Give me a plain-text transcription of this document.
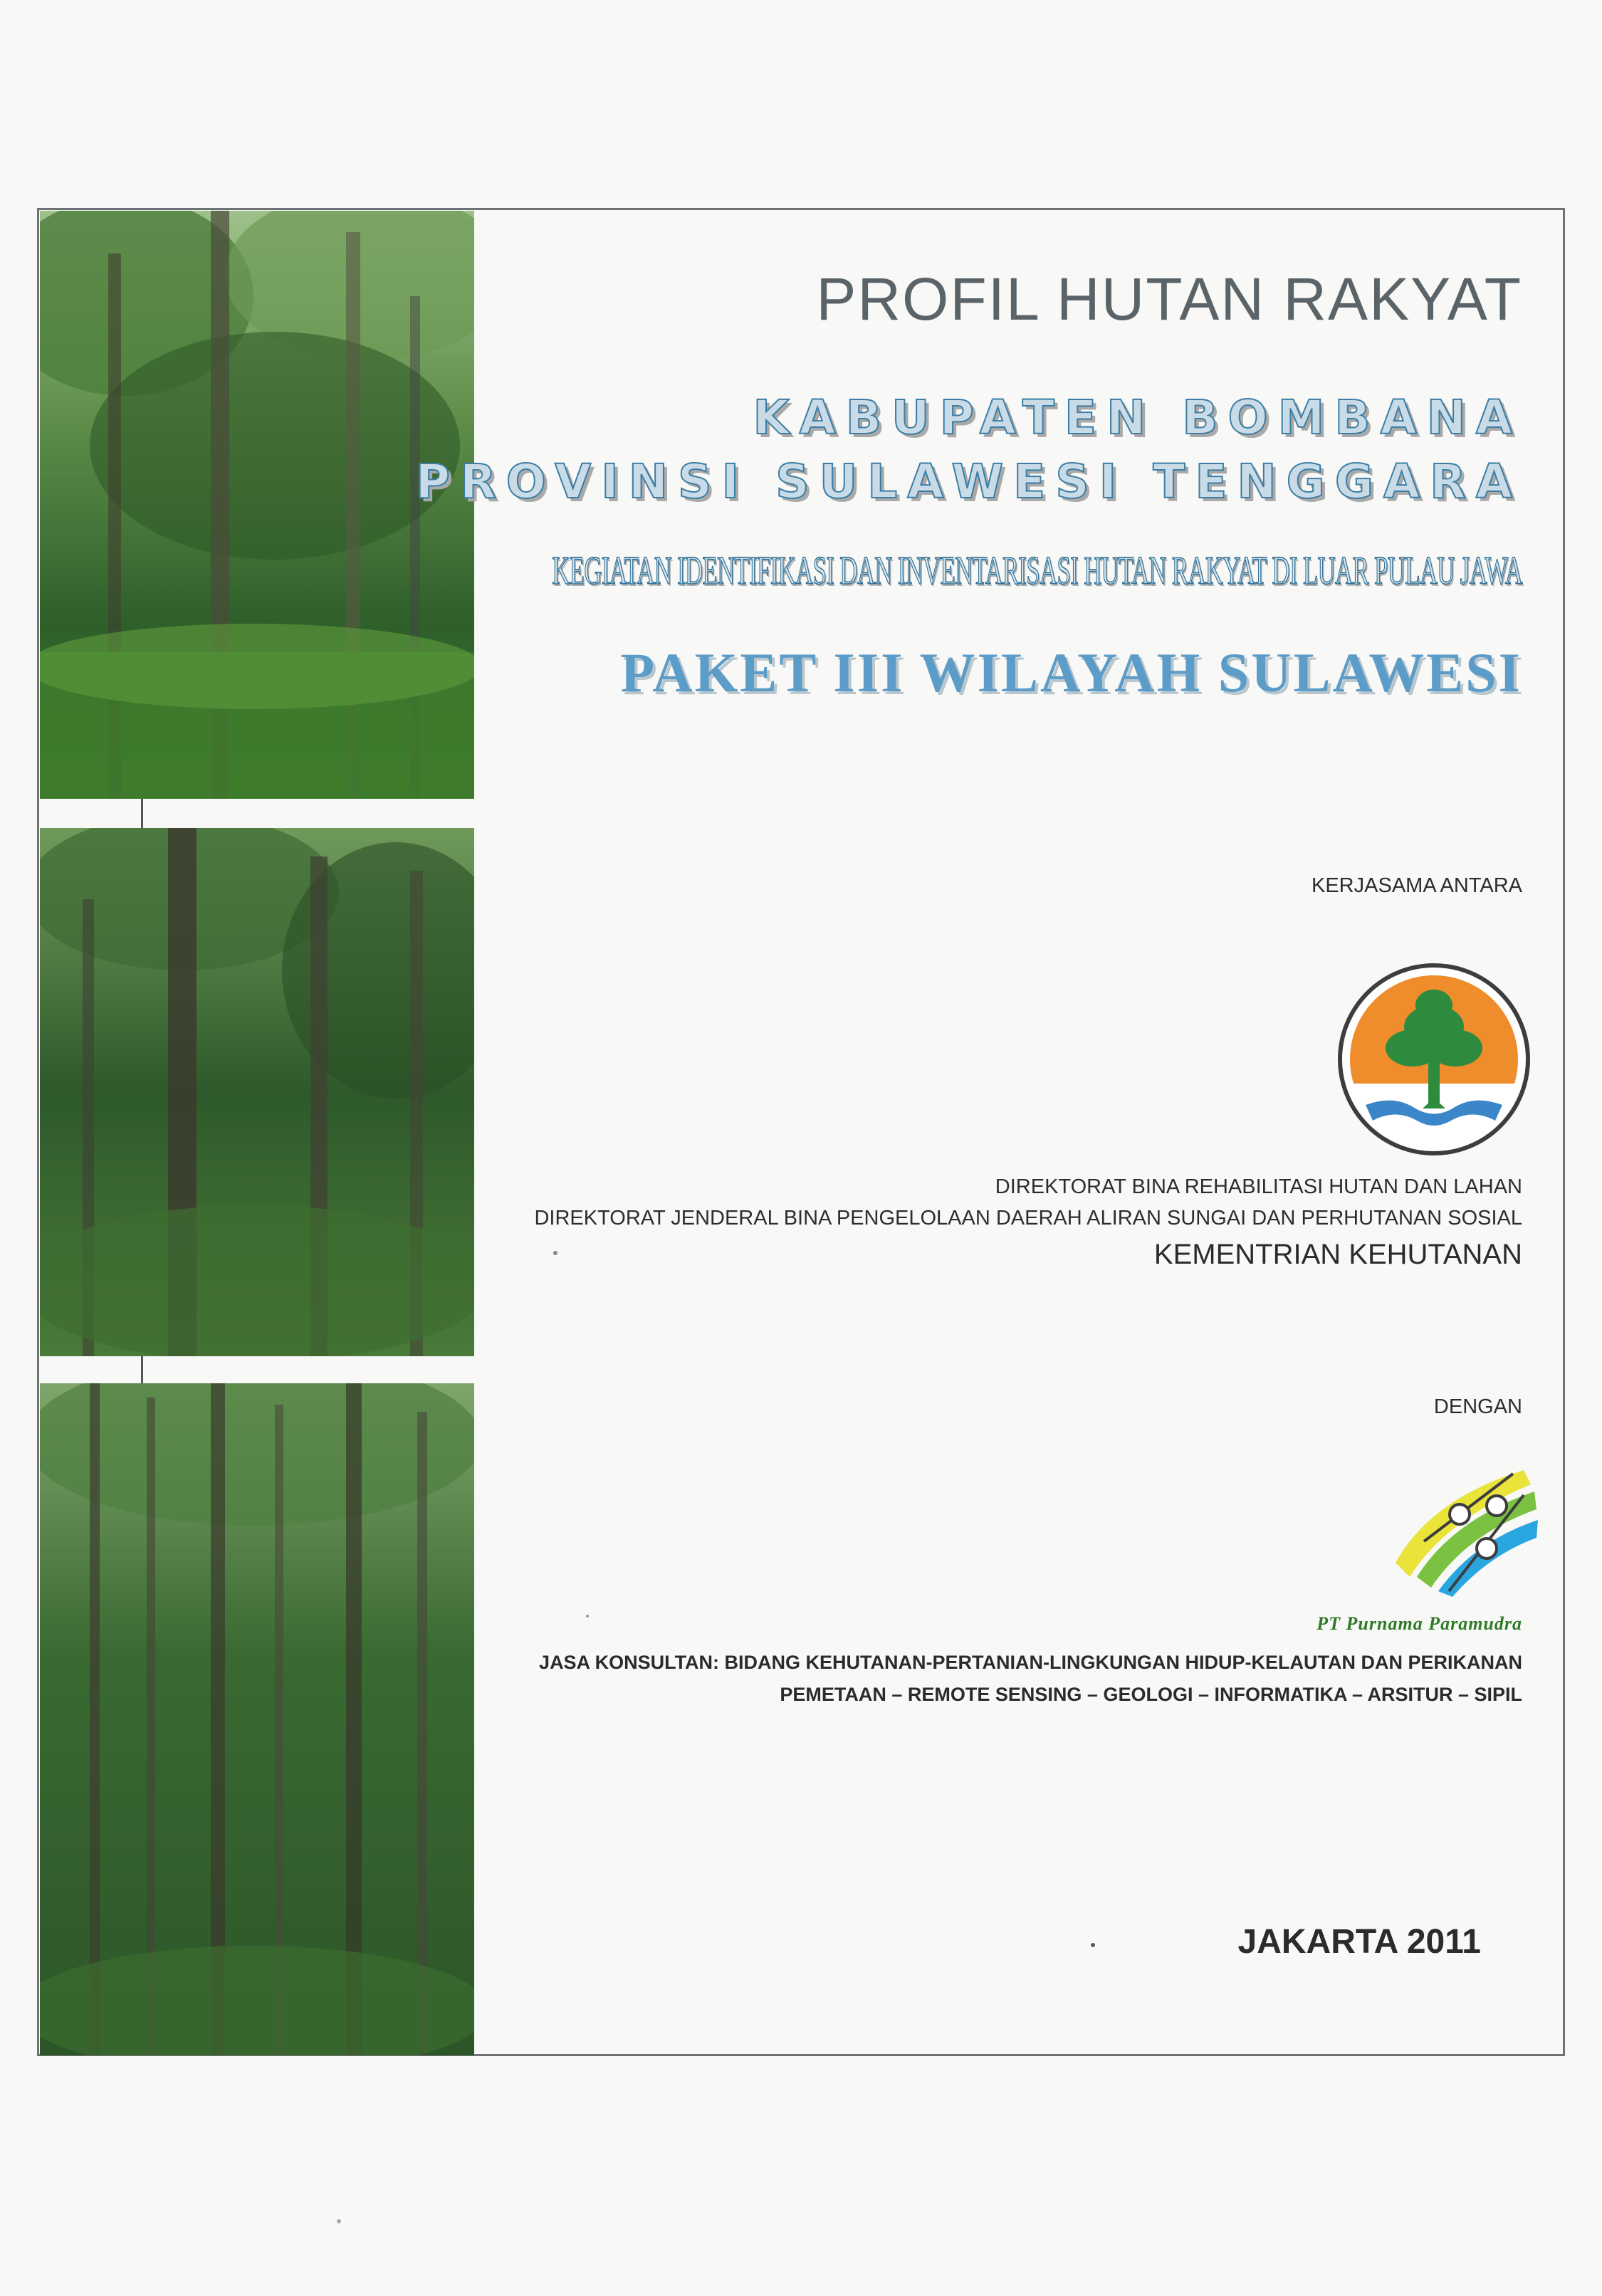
PROFIL HUTAN RAKYAT
KABUPATEN BOMBANA
PROVINSI SULAWESI TENGGARA
KEGIATAN IDENTIFIKASI DAN INVENTARISASI HUTAN RAKYAT DI LUAR PULAU JAWA
PAKET III WILAYAH SULAWESI
KERJASAMA ANTARA
DIREKTORAT BINA REHABILITASI HUTAN DAN LAHAN
DIREKTORAT JENDERAL BINA PENGELOLAAN DAERAH ALIRAN SUNGAI DAN PERHUTANAN SOSIAL
KEMENTRIAN KEHUTANAN
DENGAN
PT Purnama Paramudra
JASA KONSULTAN: BIDANG KEHUTANAN-PERTANIAN-LINGKUNGAN HIDUP-KELAUTAN DAN PERIKANAN
PEMETAAN – REMOTE SENSING – GEOLOGI – INFORMATIKA – ARSITUR – SIPIL
JAKARTA 2011
